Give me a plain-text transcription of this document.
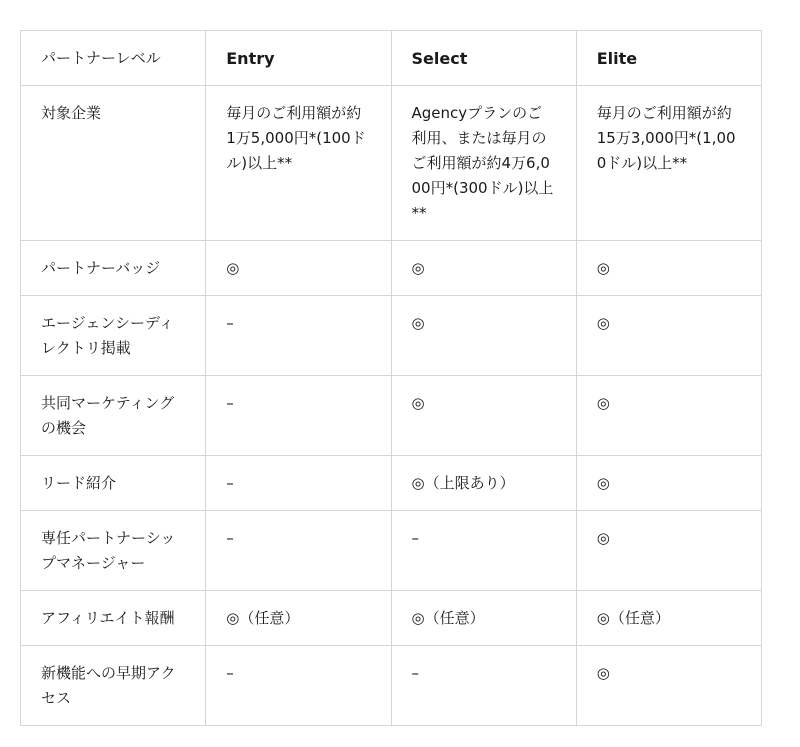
パートナーレベル	Entry	Select	Elite
対象企業	毎月のご利用額が約1万5,000円*(100ドル)以上**	Agencyプランのご利用、または毎月のご利用額が約4万6,000円*(300ドル)以上**	毎月のご利用額が約15万3,000円*(1,000ドル)以上**
パートナーバッジ	◎	◎	◎
エージェンシーディレクトリ掲載	–	◎	◎
共同マーケティングの機会	–	◎	◎
リード紹介	–	◎（上限あり）	◎
専任パートナーシップマネージャー	–	–	◎
アフィリエイト報酬	◎（任意）	◎（任意）	◎（任意）
新機能への早期アクセス	–	–	◎
